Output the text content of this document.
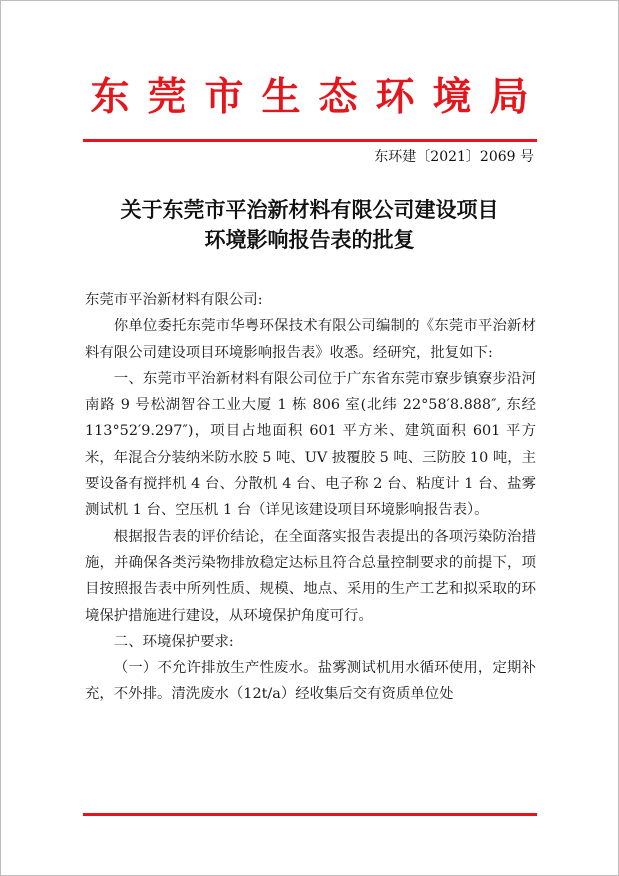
东莞市生态环境局
东环建〔2021〕2069 号
关于东莞市平治新材料有限公司建设项目
环境影响报告表的批复

东莞市平治新材料有限公司:

你单位委托东莞市华粤环保技术有限公司编制的《东莞市平治新材料有限公司建设项目环境影响报告表》收悉。经研究，批复如下:

一、东莞市平治新材料有限公司位于广东省东莞市寮步镇寮步沿河南路 9 号松湖智谷工业大厦 1 栋 806 室(北纬 22°58′8.888″, 东经 113°52′9.297″)，项目占地面积 601 平方米、建筑面积 601 平方米，年混合分装纳米防水胶 5 吨、UV 披覆胶 5 吨、三防胶 10 吨，主要设备有搅拌机 4 台、分散机 4 台、电子称 2 台、粘度计 1 台、盐雾测试机 1 台、空压机 1 台（详见该建设项目环境影响报告表）。

根据报告表的评价结论，在全面落实报告表提出的各项污染防治措施，并确保各类污染物排放稳定达标且符合总量控制要求的前提下，项目按照报告表中所列性质、规模、地点、采用的生产工艺和拟采取的环境保护措施进行建设，从环境保护角度可行。

二、环境保护要求:

（一）不允许排放生产性废水。盐雾测试机用水循环使用，定期补充，不外排。清洗废水（12t/a）经收集后交有资质单位处
